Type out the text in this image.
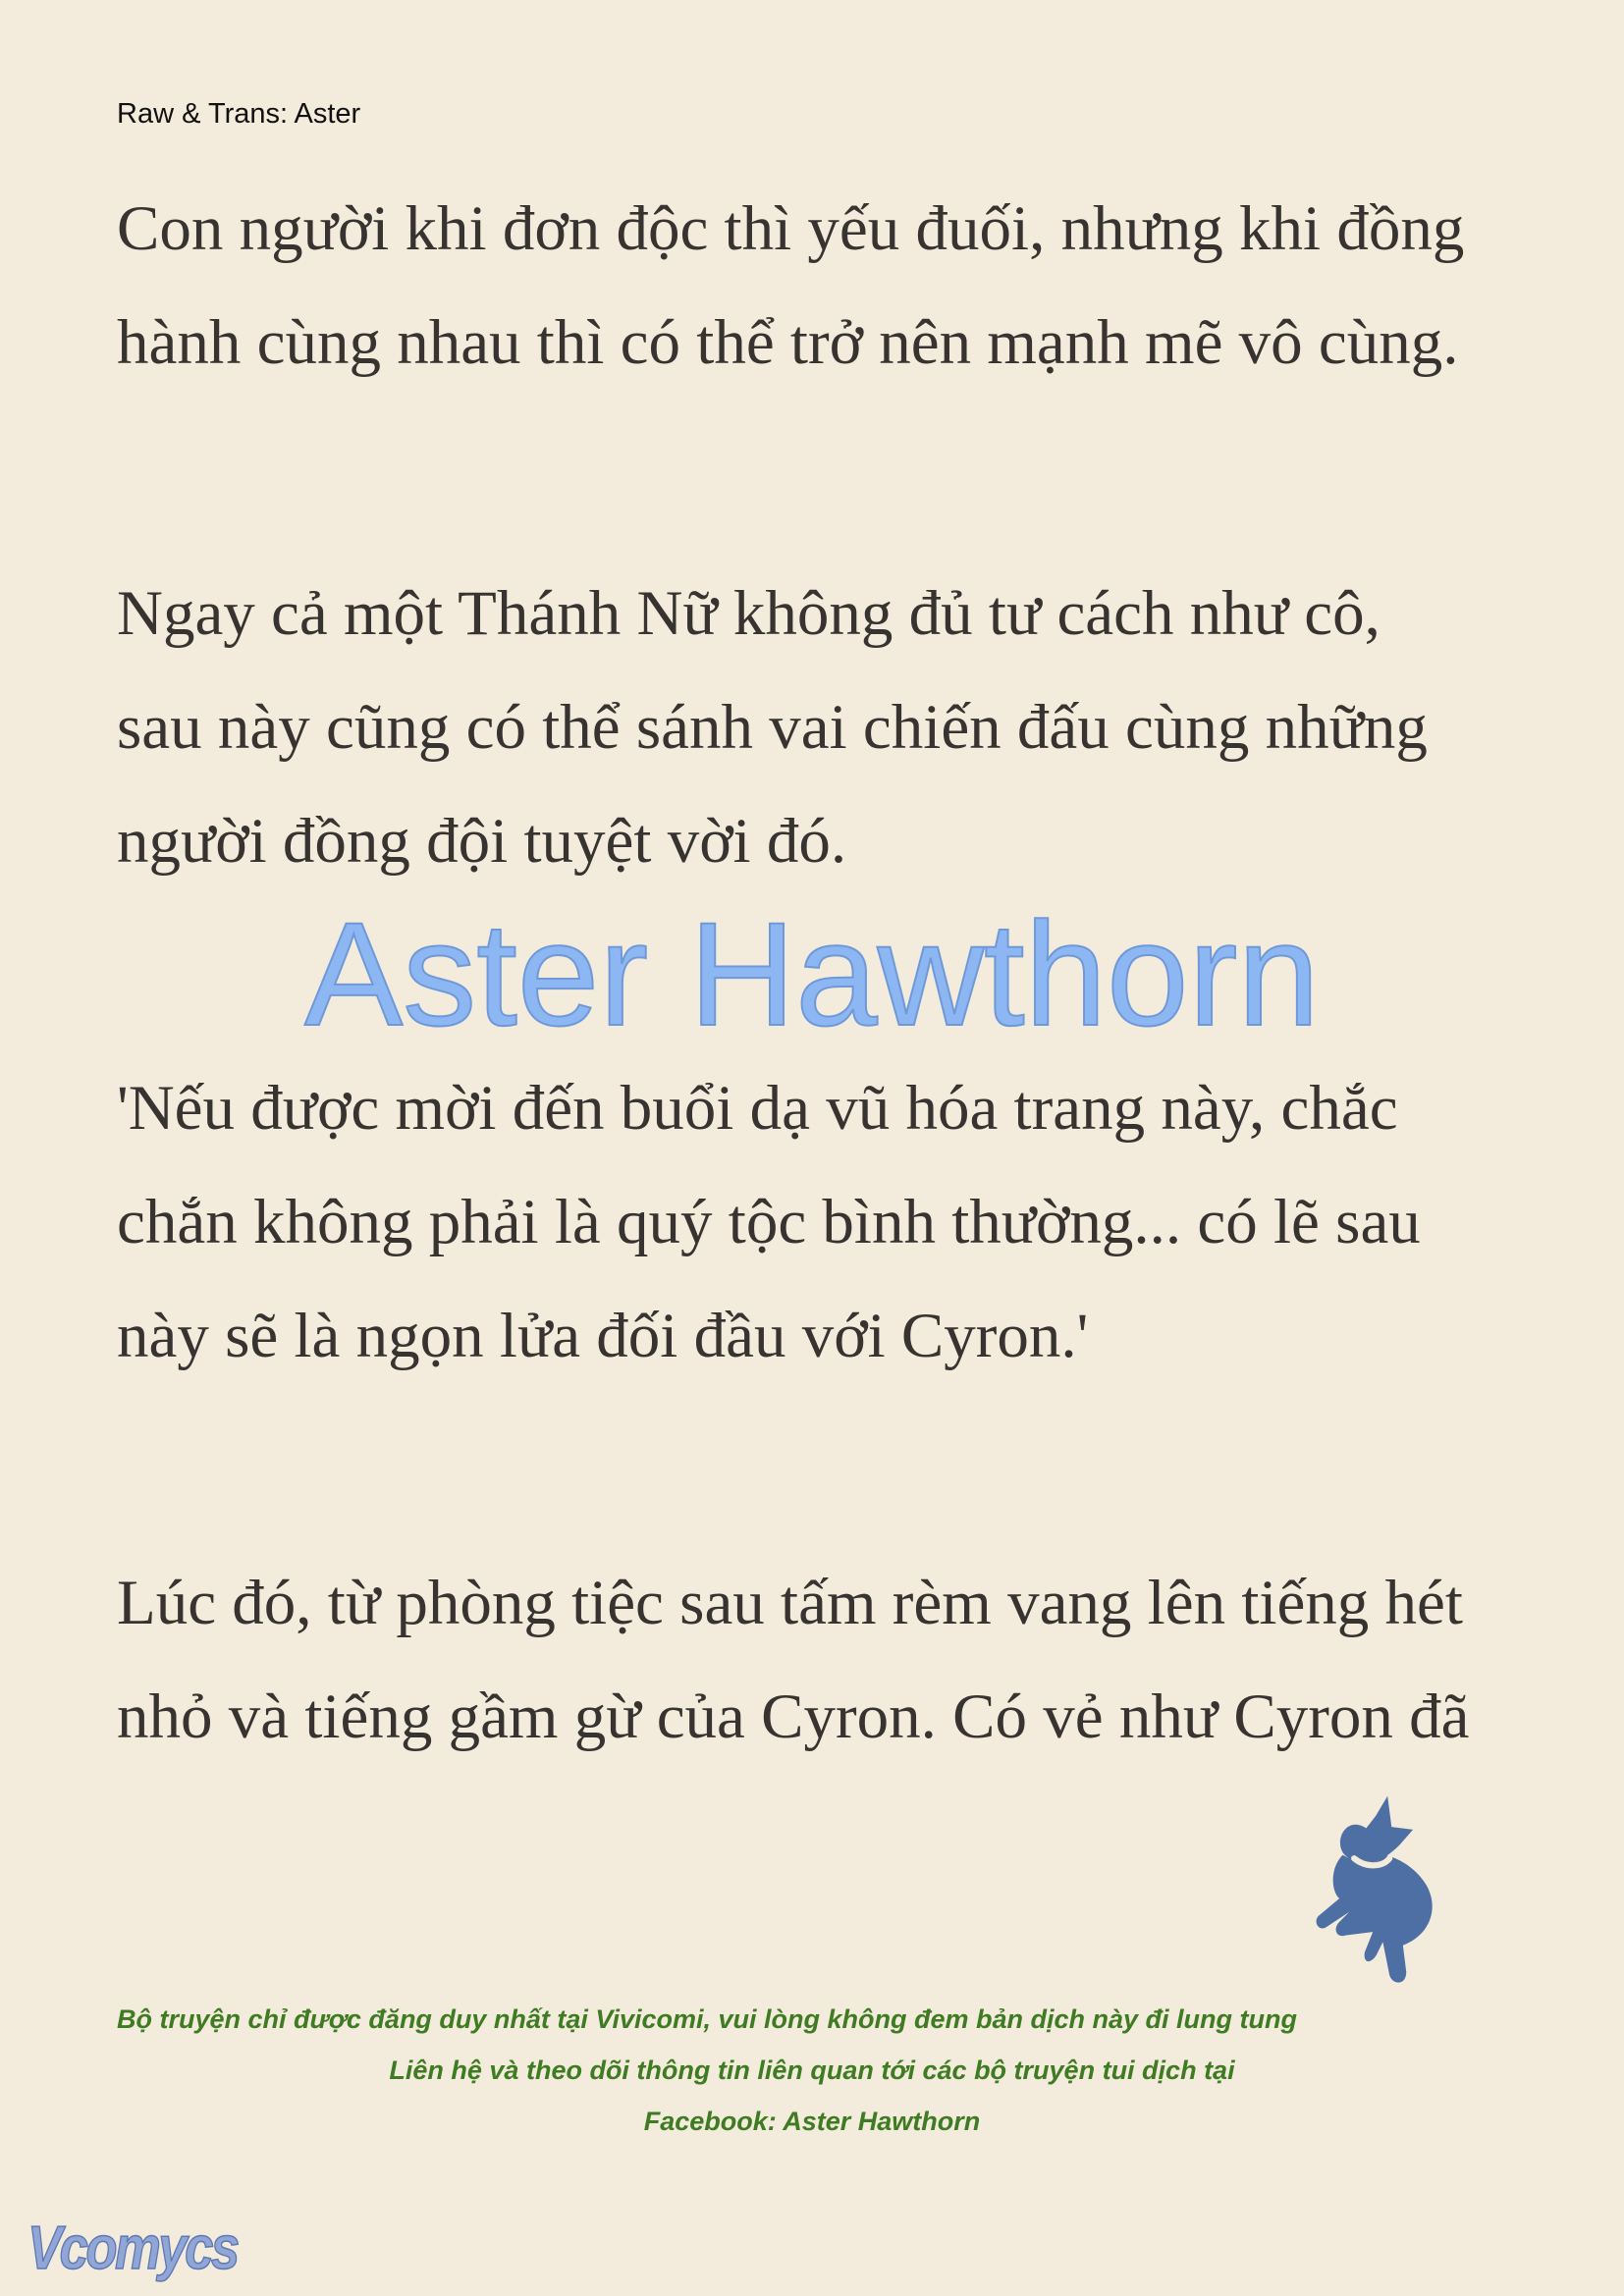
Raw & Trans: Aster
Con người khi đơn độc thì yếu đuối, nhưng khi đồng
hành cùng nhau thì có thể trở nên mạnh mẽ vô cùng.
Ngay cả một Thánh Nữ không đủ tư cách như cô,
sau này cũng có thể sánh vai chiến đấu cùng những
người đồng đội tuyệt vời đó.
'Nếu được mời đến buổi dạ vũ hóa trang này, chắc
chắn không phải là quý tộc bình thường... có lẽ sau
này sẽ là ngọn lửa đối đầu với Cyron.'
Lúc đó, từ phòng tiệc sau tấm rèm vang lên tiếng hét
nhỏ và tiếng gầm gừ của Cyron. Có vẻ như Cyron đã
Aster Hawthorn
Bộ truyện chỉ được đăng duy nhất tại Vivicomi, vui lòng không đem bản dịch này đi lung tung
Liên hệ và theo dõi thông tin liên quan tới các bộ truyện tui dịch tại
Facebook: Aster Hawthorn
Vcomycs
